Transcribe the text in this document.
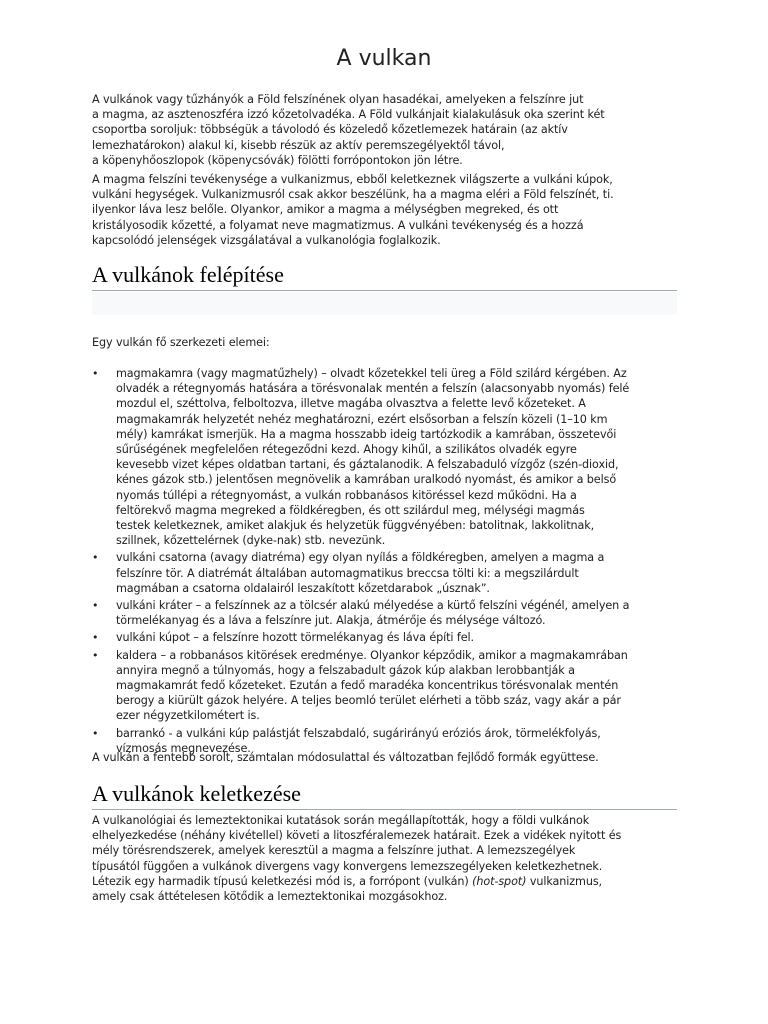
A vulkan

A vulkánok vagy tűzhányók a Föld felszínének olyan hasadékai, amelyeken a felszínre jut
a magma, az asztenoszféra izzó kőzetolvadéka. A Föld vulkánjait kialakulásuk oka szerint két
csoportba soroljuk: többségük a távolodó és közeledő kőzetlemezek határain (az aktív
lemezhatárokon) alakul ki, kisebb részük az aktív peremszegélyektől távol,
a köpenyhőoszlopok (köpenycsóvák) fölötti forrópontokon jön létre.

A magma felszíni tevékenysége a vulkanizmus, ebből keletkeznek világszerte a vulkáni kúpok,
vulkáni hegységek. Vulkanizmusról csak akkor beszélünk, ha a magma eléri a Föld felszínét, ti.
ilyenkor láva lesz belőle. Olyankor, amikor a magma a mélységben megreked, és ott
kristályosodik kőzetté, a folyamat neve magmatizmus. A vulkáni tevékenység és a hozzá
kapcsolódó jelenségek vizsgálatával a vulkanológia foglalkozik.

A vulkánok felépítése

Egy vulkán fő szerkezeti elemei:

• magmakamra (vagy magmatűzhely) – olvadt kőzetekkel teli üreg a Föld szilárd kérgében. Az
olvadék a rétegnyomás hatására a törésvonalak mentén a felszín (alacsonyabb nyomás) felé
mozdul el, széttolva, felboltozva, illetve magába olvasztva a felette levő kőzeteket. A
magmakamrák helyzetét nehéz meghatározni, ezért elsősorban a felszín közeli (1–10 km
mély) kamrákat ismerjük. Ha a magma hosszabb ideig tartózkodik a kamrában, összetevői
sűrűségének megfelelően rétegeződni kezd. Ahogy kihűl, a szilikátos olvadék egyre
kevesebb vizet képes oldatban tartani, és gáztalanodik. A felszabaduló vízgőz (szén-dioxid,
kénes gázok stb.) jelentősen megnövelik a kamrában uralkodó nyomást, és amikor a belső
nyomás túllépi a rétegnyomást, a vulkán robbanásos kitöréssel kezd működni. Ha a
feltörekvő magma megreked a földkéregben, és ott szilárdul meg, mélységi magmás
testek keletkeznek, amiket alakjuk és helyzetük függvényében: batolitnak, lakkolitnak,
szillnek, kőzettelérnek (dyke-nak) stb. nevezünk.
• vulkáni csatorna (avagy diatréma) egy olyan nyílás a földkéregben, amelyen a magma a
felszínre tör. A diatrémát általában automagmatikus breccsa tölti ki: a megszilárdult
magmában a csatorna oldalairól leszakított kőzetdarabok „úsznak”.
• vulkáni kráter – a felszínnek az a tölcsér alakú mélyedése a kürtő felszíni végénél, amelyen a
törmelékanyag és a láva a felszínre jut. Alakja, átmérője és mélysége változó.
• vulkáni kúpot – a felszínre hozott törmelékanyag és láva építi fel.
• kaldera – a robbanásos kitörések eredménye. Olyankor képződik, amikor a magmakamrában
annyira megnő a túlnyomás, hogy a felszabadult gázok kúp alakban lerobbantják a
magmakamrát fedő kőzeteket. Ezután a fedő maradéka koncentrikus törésvonalak mentén
berogy a kiürült gázok helyére. A teljes beomló terület elérheti a több száz, vagy akár a pár
ezer négyzetkilométert is.
• barrankó - a vulkáni kúp palástját felszabdaló, sugárirányú eróziós árok, törmelékfolyás,
vízmosás megnevezése.

A vulkán a fentebb sorolt, számtalan módosulattal és változatban fejlődő formák együttese.

A vulkánok keletkezése

A vulkanológiai és lemeztektonikai kutatások során megállapították, hogy a földi vulkánok
elhelyezkedése (néhány kivétellel) követi a litoszféralemezek határait. Ezek a vidékek nyitott és
mély törésrendszerek, amelyek keresztül a magma a felszínre juthat. A lemezszegélyek
típusától függően a vulkánok divergens vagy konvergens lemezszegélyeken keletkezhetnek.
Létezik egy harmadik típusú keletkezési mód is, a forrópont (vulkán) (hot-spot) vulkanizmus,
amely csak áttételesen kötődik a lemeztektonikai mozgásokhoz.
